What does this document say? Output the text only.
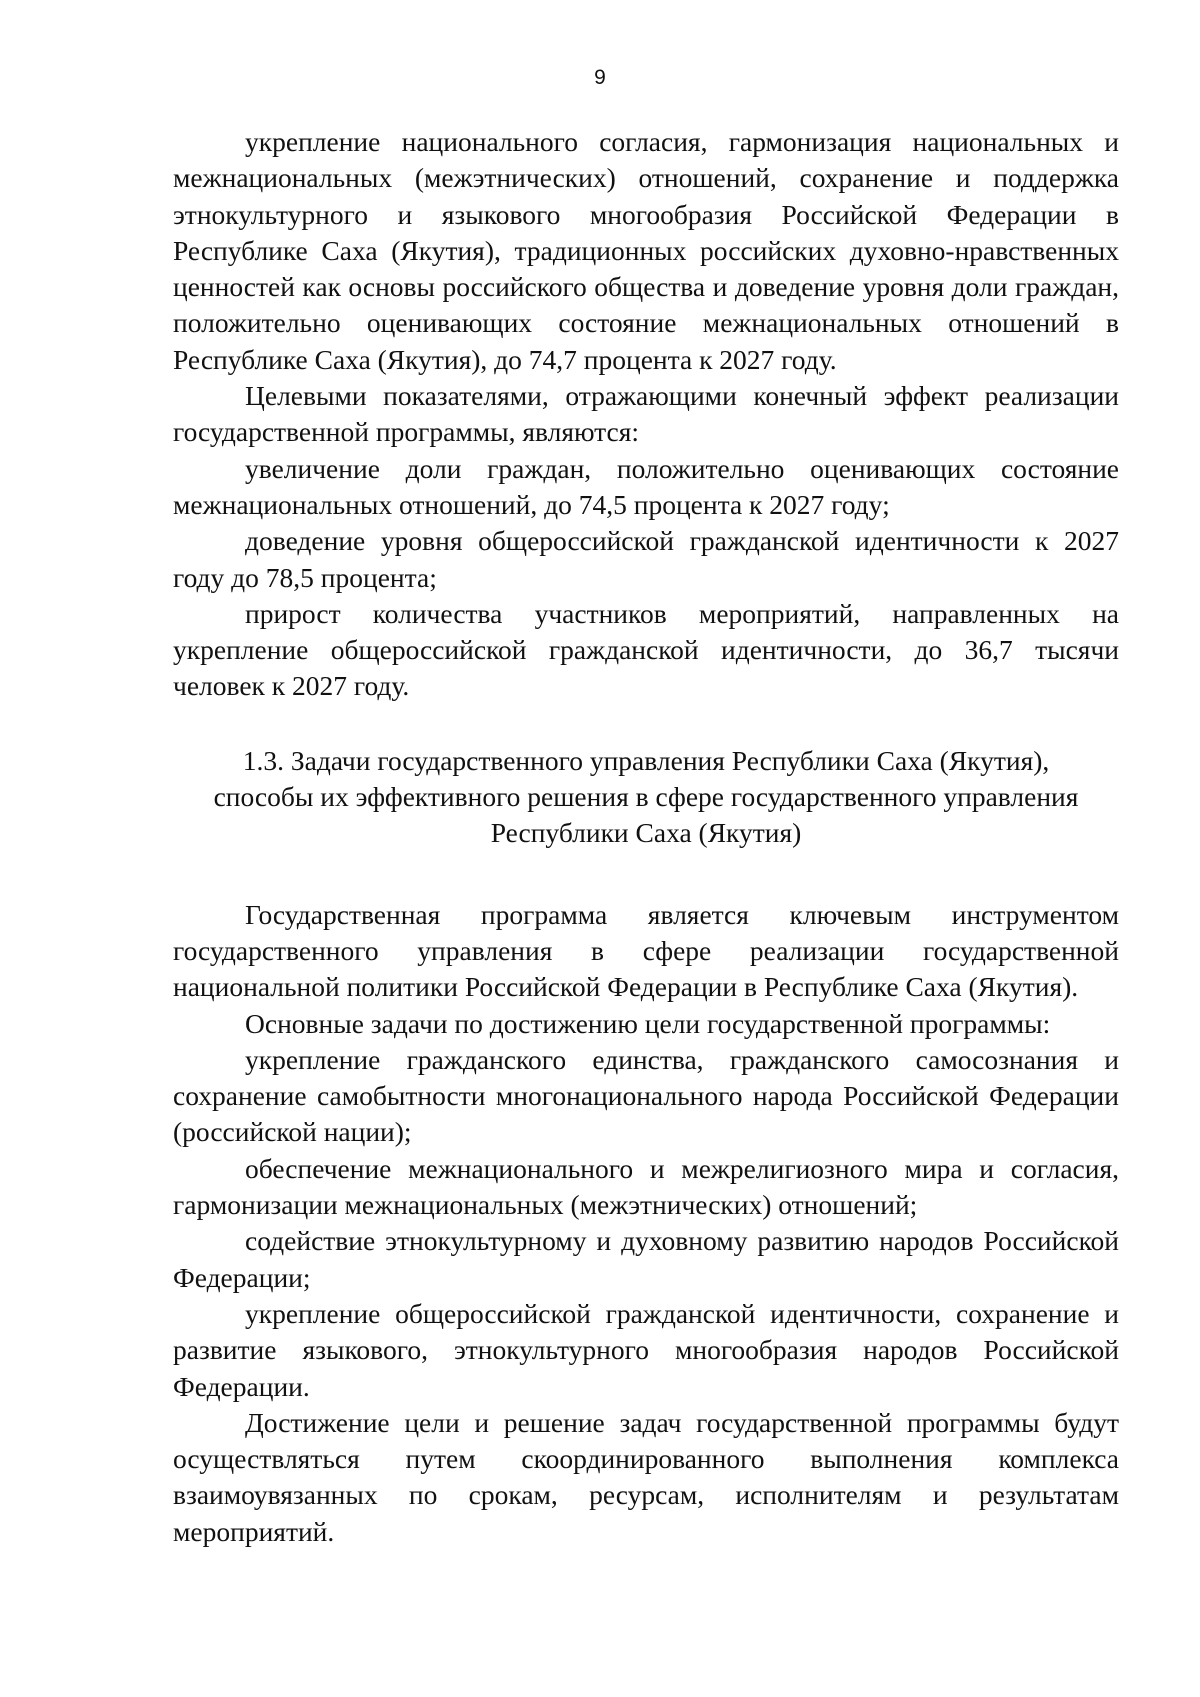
9

укрепление национального согласия, гармонизация национальных и межнациональных (межэтнических) отношений, сохранение и поддержка этнокультурного и языкового многообразия Российской Федерации в Республике Саха (Якутия), традиционных российских духовно-нравственных ценностей как основы российского общества и доведение уровня доли граждан, положительно оценивающих состояние межнациональных отношений в Республике Саха (Якутия), до 74,7 процента к 2027 году.

Целевыми показателями, отражающими конечный эффект реализации государственной программы, являются:

увеличение доли граждан, положительно оценивающих состояние межнациональных отношений, до 74,5 процента к 2027 году;

доведение уровня общероссийской гражданской идентичности к 2027 году до 78,5 процента;

прирост количества участников мероприятий, направленных на укрепление общероссийской гражданской идентичности, до 36,7 тысячи человек к 2027 году.

1.3. Задачи государственного управления Республики Саха (Якутия),
способы их эффективного решения в сфере государственного управления
Республики Саха (Якутия)

Государственная программа является ключевым инструментом государственного управления в сфере реализации государственной национальной политики Российской Федерации в Республике Саха (Якутия).

Основные задачи по достижению цели государственной программы:

укрепление гражданского единства, гражданского самосознания и сохранение самобытности многонационального народа Российской Федерации (российской нации);

обеспечение межнационального и межрелигиозного мира и согласия, гармонизации межнациональных (межэтнических) отношений;

содействие этнокультурному и духовному развитию народов Российской Федерации;

укрепление общероссийской гражданской идентичности, сохранение и развитие языкового, этнокультурного многообразия народов Российской Федерации.

Достижение цели и решение задач государственной программы будут осуществляться путем скоординированного выполнения комплекса взаимоувязанных по срокам, ресурсам, исполнителям и результатам мероприятий.
